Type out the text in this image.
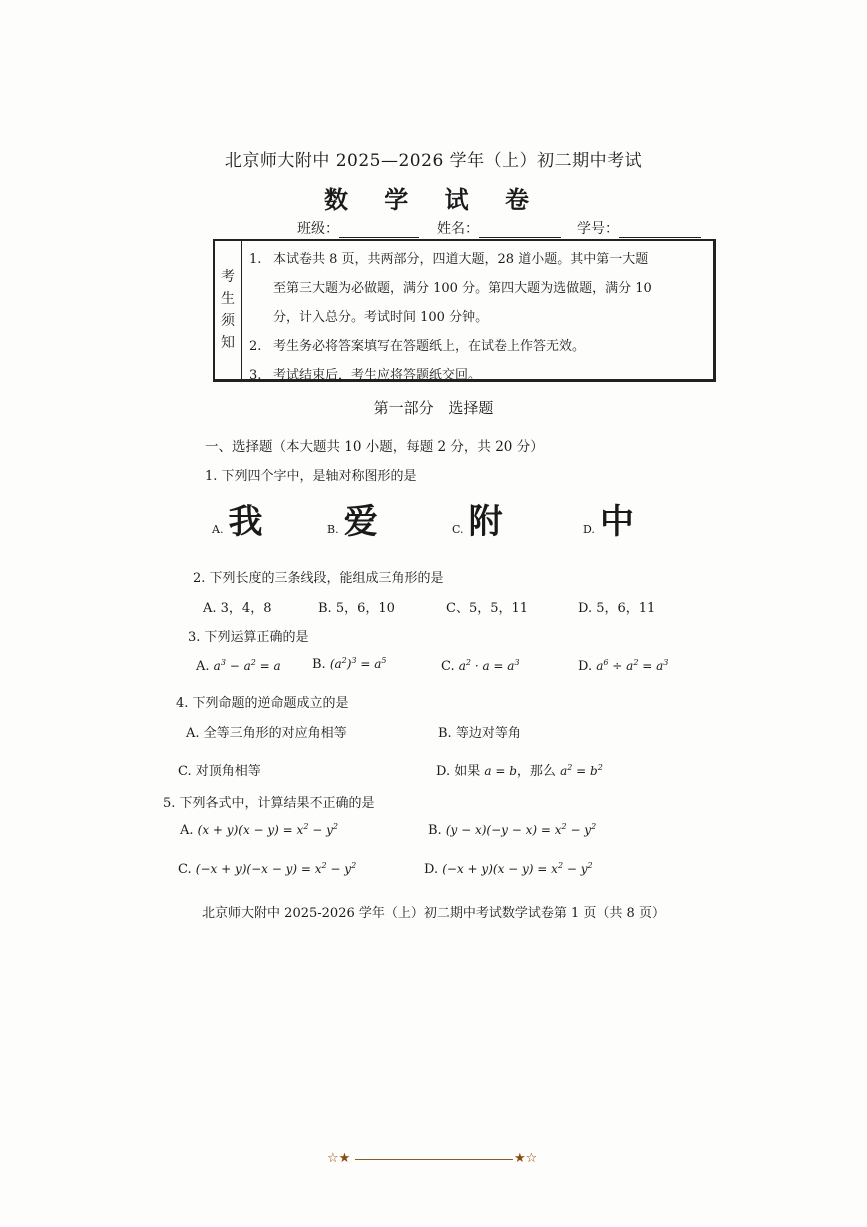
北京师大附中 2025—2026 学年（上）初二期中考试
数 学 试 卷
班级：	姓名：	学号：
考
生
须
知
1. 本试卷共 8 页，共两部分，四道大题，28 道小题。其中第一大题
至第三大题为必做题，满分 100 分。第四大题为选做题，满分 10
分，计入总分。考试时间 100 分钟。
2. 考生务必将答案填写在答题纸上，在试卷上作答无效。
3. 考试结束后，考生应将答题纸交回。
第一部分 选择题
一、选择题（本大题共 10 小题，每题 2 分，共 20 分）
1. 下列四个字中，是轴对称图形的是
A. 我	B. 爱	C. 附	D. 中
2. 下列长度的三条线段，能组成三角形的是
A. 3，4，8	B. 5，6，10	C、5，5，11	D. 5，6，11
3. 下列运算正确的是
A. $a^3 - a^2 = a$ B. $(a^2)^3 = a^5$	C. $a^2 \cdot a = a^3$	D. $a^6 \div a^2 = a^3$
4. 下列命题的逆命题成立的是
A. 全等三角形的对应角相等	B. 等边对等角
C. 对顶角相等	D. 如果 a = b，那么 $a^2 = b^2$
5. 下列各式中，计算结果不正确的是
A. $(x + y)(x - y) = x^2 - y^2$	B. $(y - x)(-y - x) = x^2 - y^2$
C. $(-x + y)(-x - y) = x^2 - y^2$	D. $(-x + y)(x - y) = x^2 - y^2$
北京师大附中 2025-2026 学年（上）初二期中考试数学试卷第 1 页（共 8 页）
☆★	★☆
